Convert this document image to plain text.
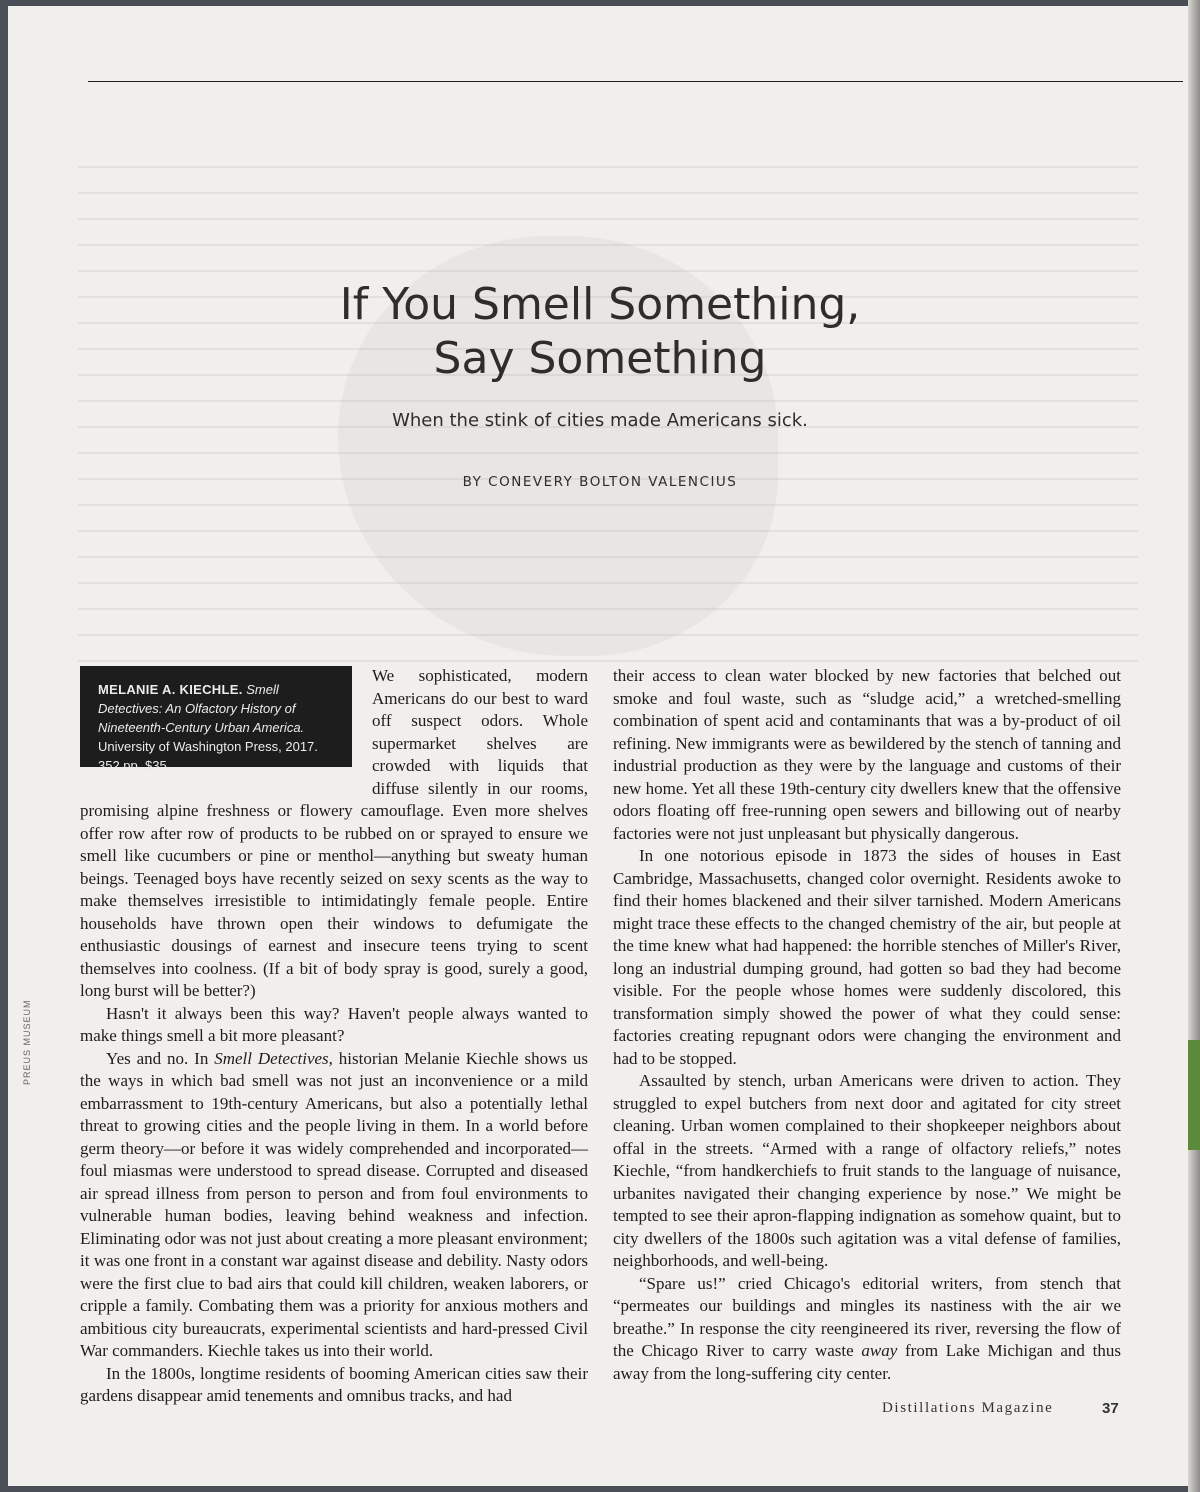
If You Smell Something,
Say Something
When the stink of cities made Americans sick.
BY CONEVERY BOLTON VALENCIUS
MELANIE A. KIECHLE. Smell Detectives: An Olfactory History of Nineteenth-Century Urban America. University of Washington Press, 2017. 352 pp. $35.

We sophisticated, modern Americans do our best to ward off suspect odors. Whole supermarket shelves are crowded with liquids that diffuse silently in our rooms, promising alpine freshness or flowery camouflage. Even more shelves offer row after row of products to be rubbed on or sprayed to ensure we smell like cucumbers or pine or menthol—anything but sweaty human beings. Teenaged boys have recently seized on sexy scents as the way to make themselves irresistible to intimidatingly female people. Entire households have thrown open their windows to defumigate the enthusiastic dousings of earnest and insecure teens trying to scent themselves into coolness. (If a bit of body spray is good, surely a good, long burst will be better?)

Hasn't it always been this way? Haven't people always wanted to make things smell a bit more pleasant?

Yes and no. In Smell Detectives, historian Melanie Kiechle shows us the ways in which bad smell was not just an inconvenience or a mild embarrassment to 19th-century Americans, but also a potentially lethal threat to growing cities and the people living in them. In a world before germ theory—or before it was widely comprehended and incorporated—foul miasmas were understood to spread disease. Corrupted and diseased air spread illness from person to person and from foul environments to vulnerable human bodies, leaving behind weakness and infection. Eliminating odor was not just about creating a more pleasant environment; it was one front in a constant war against disease and debility. Nasty odors were the first clue to bad airs that could kill children, weaken laborers, or cripple a family. Combating them was a priority for anxious mothers and ambitious city bureaucrats, experimental scientists and hard-pressed Civil War commanders. Kiechle takes us into their world.

In the 1800s, longtime residents of booming American cities saw their gardens disappear amid tenements and omnibus tracks, and had

their access to clean water blocked by new factories that belched out smoke and foul waste, such as “sludge acid,” a wretched-smelling combination of spent acid and contaminants that was a by-product of oil refining. New immigrants were as bewildered by the stench of tanning and industrial production as they were by the language and customs of their new home. Yet all these 19th-century city dwellers knew that the offensive odors floating off free-running open sewers and billowing out of nearby factories were not just unpleasant but physically dangerous.

In one notorious episode in 1873 the sides of houses in East Cambridge, Massachusetts, changed color overnight. Residents awoke to find their homes blackened and their silver tarnished. Modern Americans might trace these effects to the changed chemistry of the air, but people at the time knew what had happened: the horrible stenches of Miller's River, long an industrial dumping ground, had gotten so bad they had become visible. For the people whose homes were suddenly discolored, this transformation simply showed the power of what they could sense: factories creating repugnant odors were changing the environment and had to be stopped.

Assaulted by stench, urban Americans were driven to action. They struggled to expel butchers from next door and agitated for city street cleaning. Urban women complained to their shopkeeper neighbors about offal in the streets. “Armed with a range of olfactory reliefs,” notes Kiechle, “from handkerchiefs to fruit stands to the language of nuisance, urbanites navigated their changing experience by nose.” We might be tempted to see their apron-flapping indignation as somehow quaint, but to city dwellers of the 1800s such agitation was a vital defense of families, neighborhoods, and well-being.

“Spare us!” cried Chicago's editorial writers, from stench that “permeates our buildings and mingles its nastiness with the air we breathe.” In response the city reengineered its river, reversing the flow of the Chicago River to carry waste away from Lake Michigan and thus away from the long-suffering city center.

Distillations Magazine	37
PREUS MUSEUM
